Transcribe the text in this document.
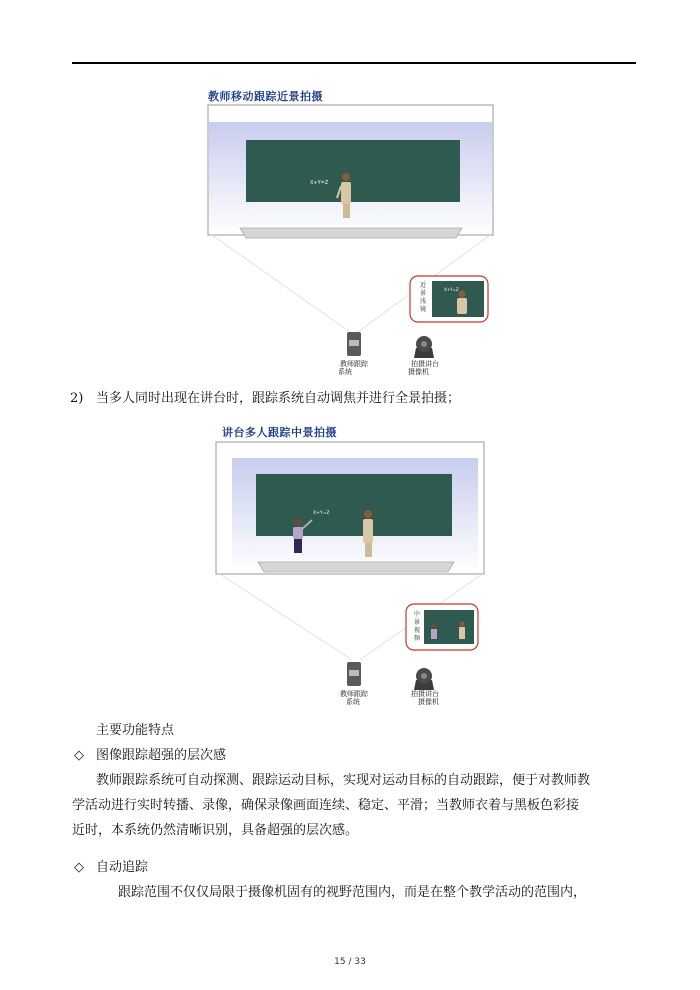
教师移动跟踪近景拍摄
X+Y=Z
X+Y=Z
近
景
浅
镜
教师跟踪	拍摄讲台
系统	摄像机
2) 当多人同时出现在讲台时，跟踪系统自动调焦并进行全景拍摄；
讲台多人跟踪中景拍摄
X+Y=Z
中
景
视
频
教师跟踪	拍摄讲台
系统	摄像机
主要功能特点
◇ 图像跟踪超强的层次感
教师跟踪系统可自动探测、跟踪运动目标，实现对运动目标的自动跟踪，便于对教师教
学活动进行实时转播、录像，确保录像画面连续、稳定、平滑；当教师衣着与黑板色彩接
近时，本系统仍然清晰识别，具备超强的层次感。
◇ 自动追踪
跟踪范围不仅仅局限于摄像机固有的视野范围内，而是在整个教学活动的范围内，
15 / 33
